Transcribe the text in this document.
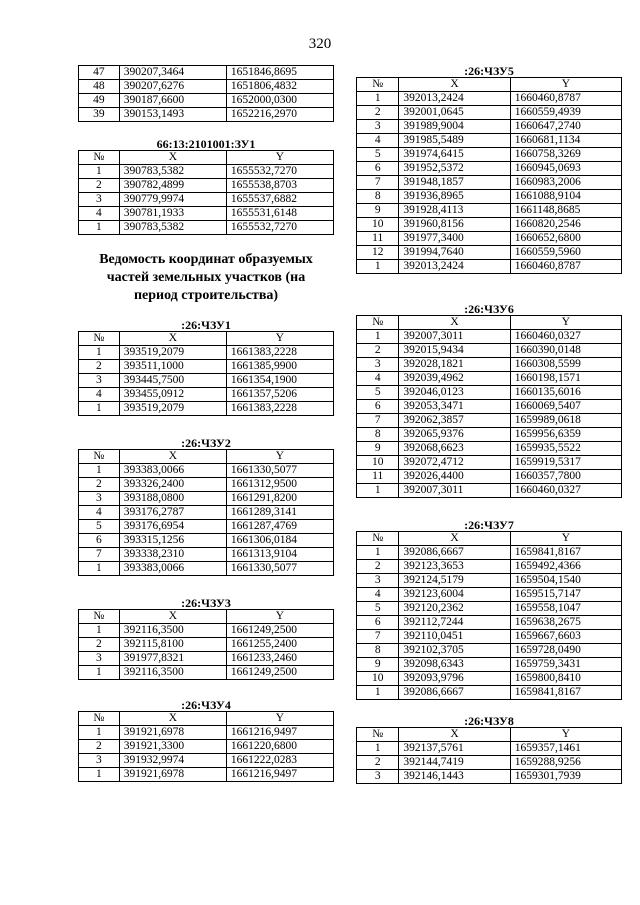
320
47	390207,3464	1651846,8695
48	390207,6276	1651806,4832
49	390187,6600	1652000,0300
39	390153,1493	1652216,2970
66:13:2101001:ЗУ1
№	X	Y
1	390783,5382	1655532,7270
2	390782,4899	1655538,8703
3	390779,9974	1655537,6882
4	390781,1933	1655531,6148
1	390783,5382	1655532,7270
Ведомость координат образуемых
частей земельных участков (на
период строительства)
:26:ЧЗУ1
№	X	Y
1	393519,2079	1661383,2228
2	393511,1000	1661385,9900
3	393445,7500	1661354,1900
4	393455,0912	1661357,5206
1	393519,2079	1661383,2228
:26:ЧЗУ2
№	X	Y
1	393383,0066	1661330,5077
2	393326,2400	1661312,9500
3	393188,0800	1661291,8200
4	393176,2787	1661289,3141
5	393176,6954	1661287,4769
6	393315,1256	1661306,0184
7	393338,2310	1661313,9104
1	393383,0066	1661330,5077
:26:ЧЗУ3
№	X	Y
1	392116,3500	1661249,2500
2	392115,8100	1661255,2400
3	391977,8321	1661233,2460
1	392116,3500	1661249,2500
:26:ЧЗУ4
№	X	Y
1	391921,6978	1661216,9497
2	391921,3300	1661220,6800
3	391932,9974	1661222,0283
1	391921,6978	1661216,9497
:26:ЧЗУ5
№	X	Y
1	392013,2424	1660460,8787
2	392001,0645	1660559,4939
3	391989,9004	1660647,2740
4	391985,5489	1660681,1134
5	391974,6415	1660758,3269
6	391952,5372	1660945,0693
7	391948,1857	1660983,2006
8	391936,8965	1661088,9104
9	391928,4113	1661148,8685
10	391960,8156	1660820,2546
11	391977,3400	1660652,6800
12	391994,7640	1660559,5960
1	392013,2424	1660460,8787
:26:ЧЗУ6
№	X	Y
1	392007,3011	1660460,0327
2	392015,9434	1660390,0148
3	392028,1821	1660308,5599
4	392039,4962	1660198,1571
5	392046,0123	1660135,6016
6	392053,3471	1660069,5407
7	392062,3857	1659989,0618
8	392065,9376	1659956,6359
9	392068,6623	1659935,5522
10	392072,4712	1659919,5317
11	392026,4400	1660357,7800
1	392007,3011	1660460,0327
:26:ЧЗУ7
№	X	Y
1	392086,6667	1659841,8167
2	392123,3653	1659492,4366
3	392124,5179	1659504,1540
4	392123,6004	1659515,7147
5	392120,2362	1659558,1047
6	392112,7244	1659638,2675
7	392110,0451	1659667,6603
8	392102,3705	1659728,0490
9	392098,6343	1659759,3431
10	392093,9796	1659800,8410
1	392086,6667	1659841,8167
:26:ЧЗУ8
№	X	Y
1	392137,5761	1659357,1461
2	392144,7419	1659288,9256
3	392146,1443	1659301,7939
